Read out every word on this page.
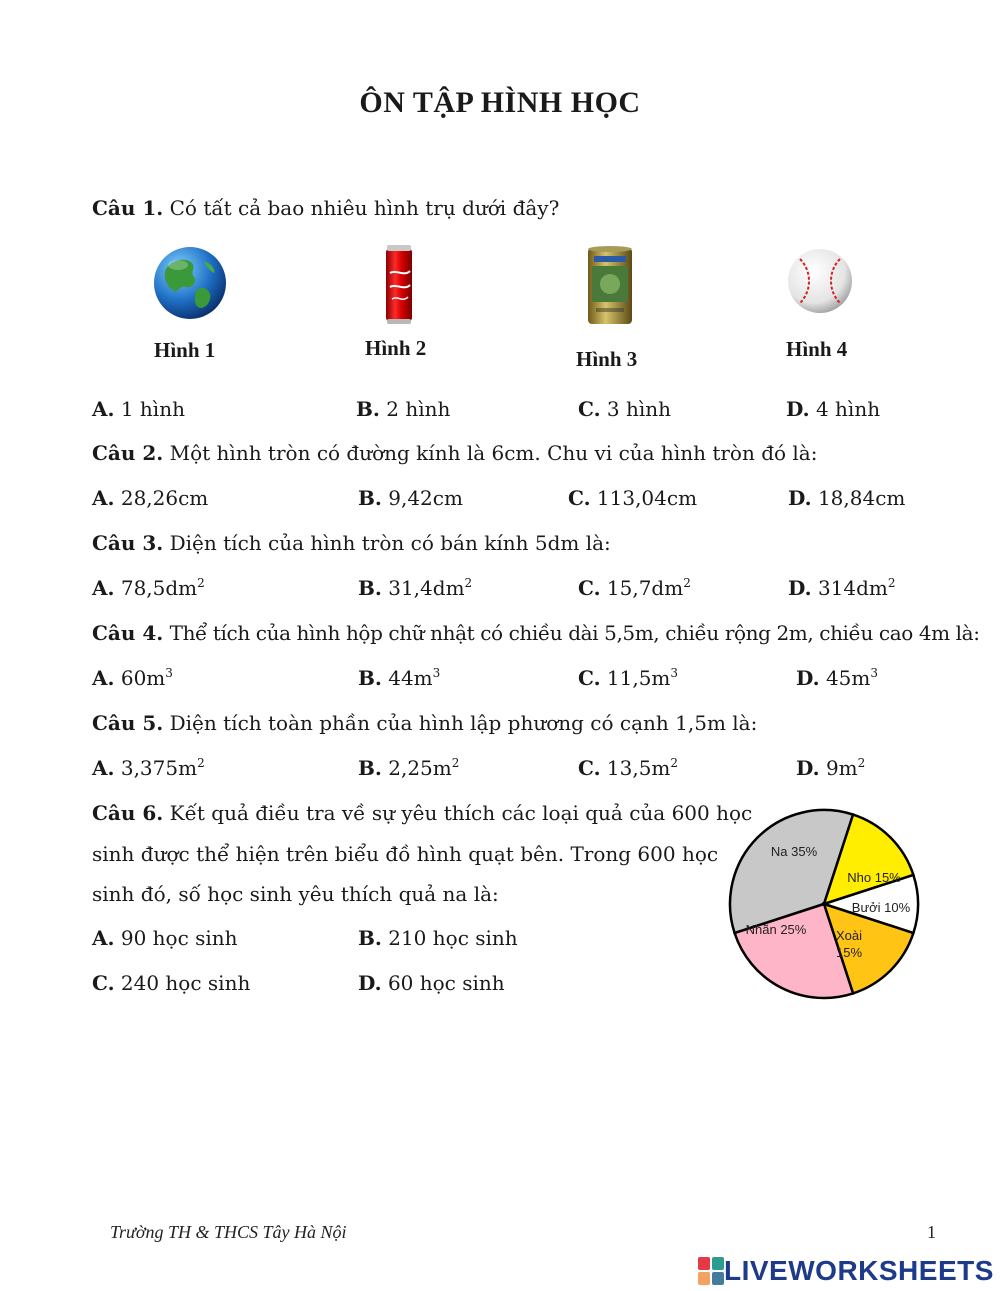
ÔN TẬP HÌNH HỌC
Câu 1. Có tất cả bao nhiêu hình trụ dưới đây?
Hình 1	Hình 2	Hình 3	Hình 4
A. 1 hình	B. 2 hình	C. 3 hình	D. 4 hình
Câu 2. Một hình tròn có đường kính là 6cm. Chu vi của hình tròn đó là:
A. 28,26cm	B. 9,42cm	C. 113,04cm	D. 18,84cm
Câu 3. Diện tích của hình tròn có bán kính 5dm là:
A. $78,5dm^2$	B. $31,4dm^2$	C. $15,7dm^2$	D. $314dm^2$
Câu 4. Thể tích của hình hộp chữ nhật có chiều dài 5,5m, chiều rộng 2m, chiều cao 4m là:
A. $60m^3$	B. $44m^3$	C. $11,5m^3$	D. $45m^3$
Câu 5. Diện tích toàn phần của hình lập phương có cạnh 1,5m là:
A. $3,375m^2$	B. $2,25m^2$	C. $13,5m^2$	D. $9m^2$
Câu 6. Kết quả điều tra về sự yêu thích các loại quả của 600 học
sinh được thể hiện trên biểu đồ hình quạt bên. Trong 600 học
sinh đó, số học sinh yêu thích quả na là:
A. 90 học sinh	B. 210 học sinh
C. 240 học sinh	D. 60 học sinh
Na 35%
Nho 15%
Bưởi 10%
Xoài 15%
Nhãn 25%
Trường TH & THCS Tây Hà Nội	1
LIVEWORKSHEETS
